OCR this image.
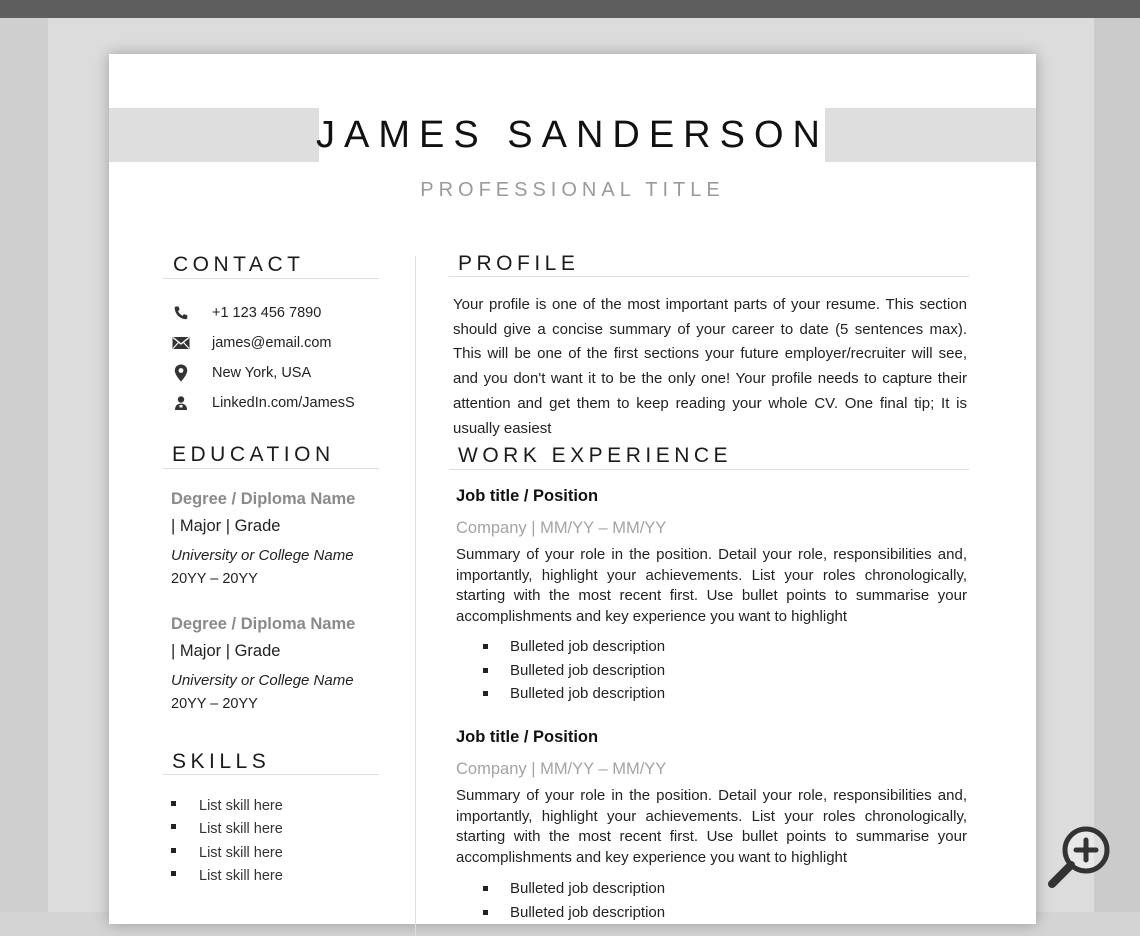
JAMES SANDERSON
PROFESSIONAL TITLE
CONTACT
+1 123 456 7890
james@email.com
New York, USA
LinkedIn.com/JamesS
EDUCATION
Degree / Diploma Name
| Major | Grade
University or College Name
20YY – 20YY
Degree / Diploma Name
| Major | Grade
University or College Name
20YY – 20YY
SKILLS
List skill here
List skill here
List skill here
List skill here
PROFILE
Your profile is one of the most important parts of your resume. This section should give a concise summary of your career to date (5 sentences max). This will be one of the first sections your future employer/recruiter will see, and you don't want it to be the only one! Your profile needs to capture their attention and get them to keep reading your whole CV. One final tip; It is usually easiest
WORK EXPERIENCE
Job title / Position
Company | MM/YY – MM/YY
Summary of your role in the position. Detail your role, responsibilities and, importantly, highlight your achievements. List your roles chronologically, starting with the most recent first. Use bullet points to summarise your accomplishments and key experience you want to highlight
Bulleted job description
Bulleted job description
Bulleted job description
Job title / Position
Company | MM/YY – MM/YY
Summary of your role in the position. Detail your role, responsibilities and, importantly, highlight your achievements. List your roles chronologically, starting with the most recent first. Use bullet points to summarise your accomplishments and key experience you want to highlight
Bulleted job description
Bulleted job description
